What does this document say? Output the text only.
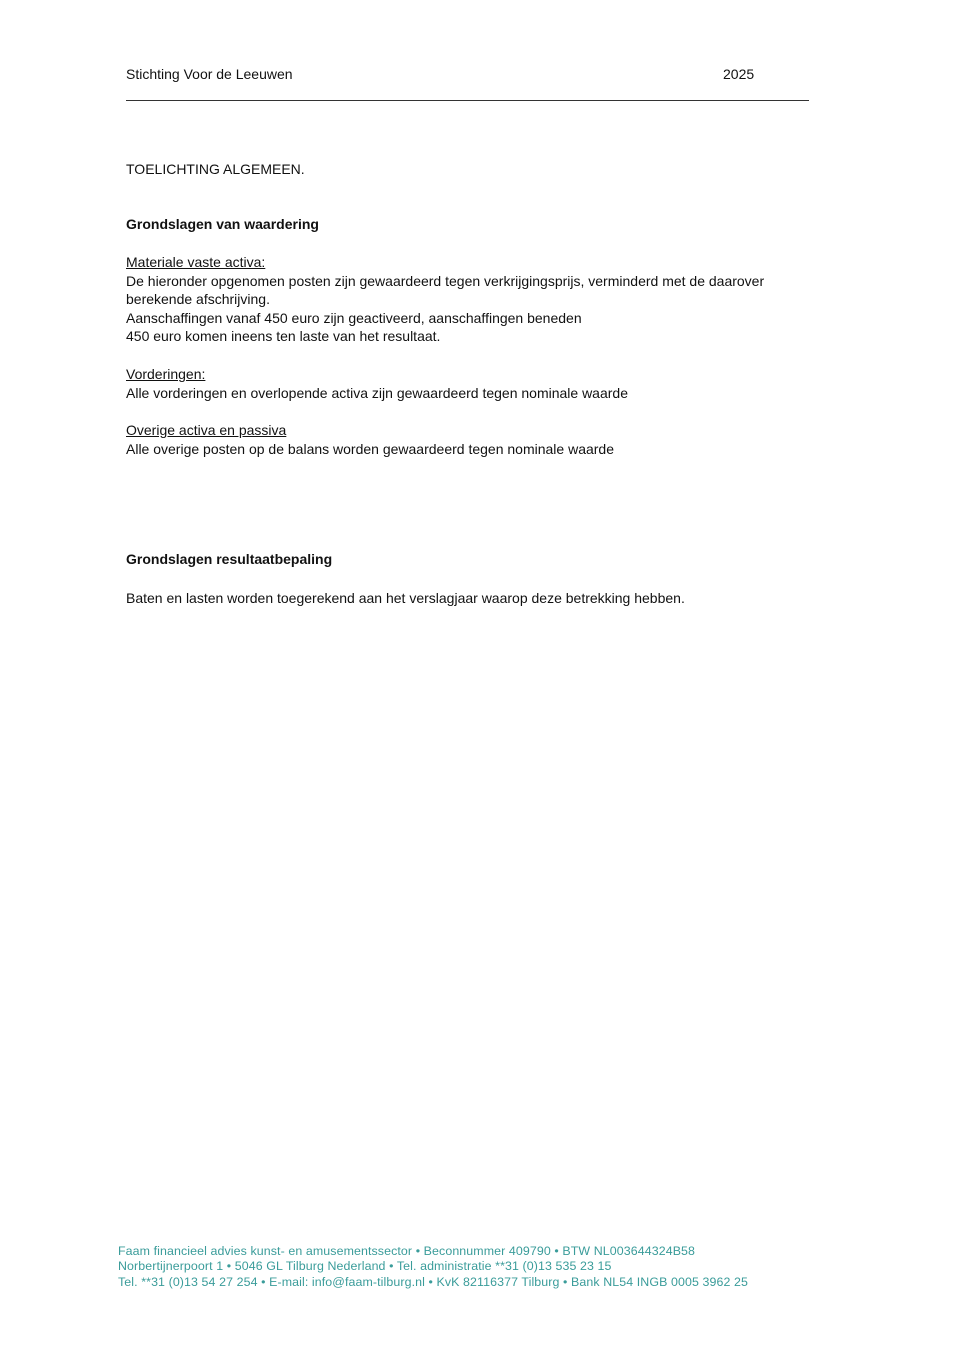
Stichting Voor de Leeuwen	2025
TOELICHTING ALGEMEEN.
Grondslagen van waardering
Materiale vaste activa:
De hieronder opgenomen posten zijn gewaardeerd tegen verkrijgingsprijs, verminderd met de daarover
berekende afschrijving.
Aanschaffingen vanaf 450 euro zijn geactiveerd, aanschaffingen beneden
450 euro komen ineens ten laste van het resultaat.
Vorderingen:
Alle vorderingen en overlopende activa zijn gewaardeerd tegen nominale waarde
Overige activa en passiva
Alle overige posten op de balans worden gewaardeerd tegen nominale waarde
Grondslagen resultaatbepaling
Baten en lasten worden toegerekend aan het verslagjaar waarop deze betrekking hebben.
Faam financieel advies kunst- en amusementssector • Beconnummer 409790 • BTW NL003644324B58
Norbertijnerpoort 1 • 5046 GL Tilburg Nederland • Tel. administratie **31 (0)13 535 23 15
Tel. **31 (0)13 54 27 254 • E-mail: info@faam-tilburg.nl • KvK 82116377 Tilburg • Bank NL54 INGB 0005 3962 25
